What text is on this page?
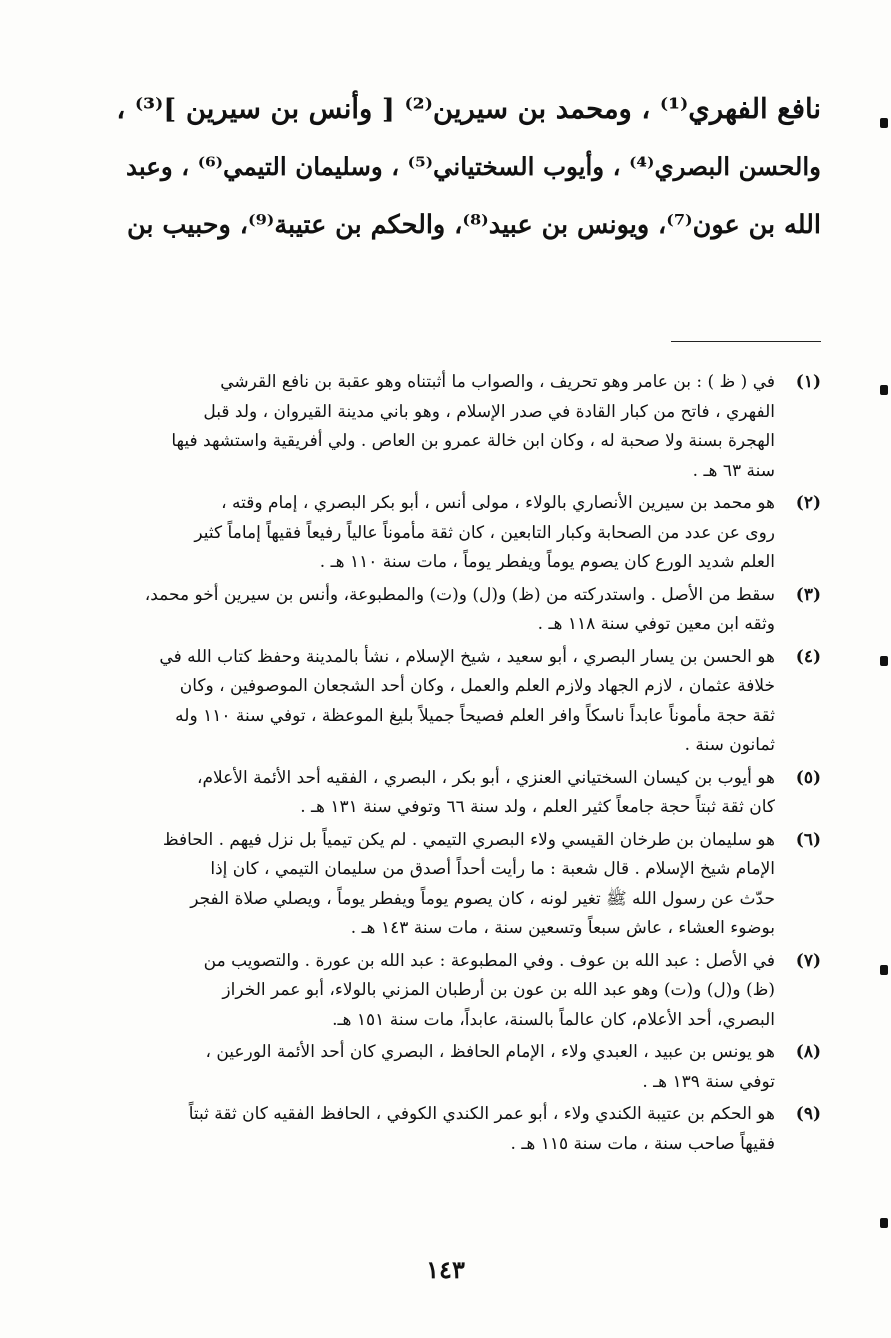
نافع الفهري⁽¹⁾ ، ومحمد بن سيرين⁽²⁾ [ وأنس بن سيرين ]⁽³⁾ ،
والحسن البصري⁽⁴⁾ ، وأيوب السختياني⁽⁵⁾ ، وسليمان التيمي⁽⁶⁾ ، وعبد
الله بن عون⁽⁷⁾، ويونس بن عبيد⁽⁸⁾، والحكم بن عتيبة⁽⁹⁾، وحبيب بن
(١)
في ( ظ ) : بن عامر وهو تحريف ، والصواب ما أثبتناه وهو عقبة بن نافع القرشي
الفهري ، فاتح من كبار القادة في صدر الإسلام ، وهو باني مدينة القيروان ، ولد قبل
الهجرة بسنة ولا صحبة له ، وكان ابن خالة عمرو بن العاص . ولي أفريقية واستشهد فيها
سنة ٦٣ هـ .
(٢)
هو محمد بن سيرين الأنصاري بالولاء ، مولى أنس ، أبو بكر البصري ، إمام وقته ،
روى عن عدد من الصحابة وكبار التابعين ، كان ثقة مأموناً عالياً رفيعاً فقيهاً إماماً كثير
العلم شديد الورع كان يصوم يوماً ويفطر يوماً ، مات سنة ١١٠ هـ .
(٣)
سقط من الأصل . واستدركته من (ظ) و(ل) و(ت) والمطبوعة، وأنس بن سيرين أخو محمد،
وثقه ابن معين توفي سنة ١١٨ هـ .
(٤)
هو الحسن بن يسار البصري ، أبو سعيد ، شيخ الإسلام ، نشأ بالمدينة وحفظ كتاب الله في
خلافة عثمان ، لازم الجهاد ولازم العلم والعمل ، وكان أحد الشجعان الموصوفين ، وكان
ثقة حجة مأموناً عابداً ناسكاً وافر العلم فصيحاً جميلاً بليغ الموعظة ، توفي سنة ١١٠ وله
ثمانون سنة .
(٥)
هو أيوب بن كيسان السختياني العنزي ، أبو بكر ، البصري ، الفقيه أحد الأئمة الأعلام،
كان ثقة ثبتاً حجة جامعاً كثير العلم ، ولد سنة ٦٦ وتوفي سنة ١٣١ هـ .
(٦)
هو سليمان بن طرخان القيسي ولاء البصري التيمي . لم يكن تيمياً بل نزل فيهم . الحافظ
الإمام شيخ الإسلام . قال شعبة : ما رأيت أحداً أصدق من سليمان التيمي ، كان إذا
حدّث عن رسول الله ﷺ تغير لونه ، كان يصوم يوماً ويفطر يوماً ، ويصلي صلاة الفجر
بوضوء العشاء ، عاش سبعاً وتسعين سنة ، مات سنة ١٤٣ هـ .
(٧)
في الأصل : عبد الله بن عوف . وفي المطبوعة : عبد الله بن عورة . والتصويب من
(ظ) و(ل) و(ت) وهو عبد الله بن عون بن أرطبان المزني بالولاء، أبو عمر الخراز
البصري، أحد الأعلام، كان عالماً بالسنة، عابداً، مات سنة ١٥١ هـ.
(٨)
هو يونس بن عبيد ، العبدي ولاء ، الإمام الحافظ ، البصري كان أحد الأئمة الورعين ،
توفي سنة ١٣٩ هـ .
(٩)
هو الحكم بن عتيبة الكندي ولاء ، أبو عمر الكندي الكوفي ، الحافظ الفقيه كان ثقة ثبتاً
فقيهاً صاحب سنة ، مات سنة ١١٥ هـ .
١٤٣
